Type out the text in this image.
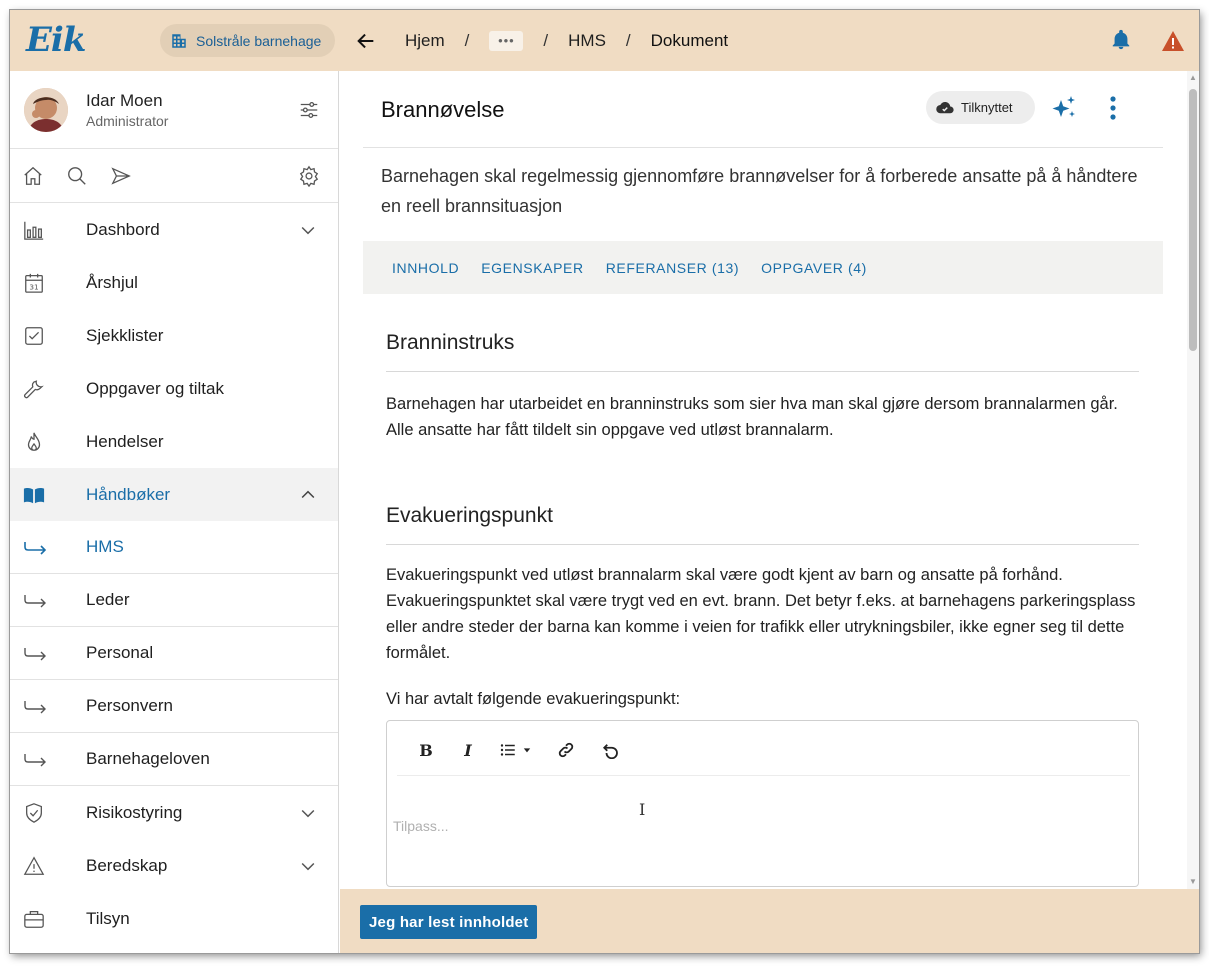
Eik	Solstråle barnehage	Hjem /	•••	/ HMS / Dokument
Idar Moen
Administrator
Dashbord
31	Årshjul
Sjekklister
Oppgaver og tiltak
Hendelser
Håndbøker
HMS
Leder
Personal
Personvern
Barnehageloven
Risikostyring
Beredskap
Tilsyn
Brannøvelse	Tilknyttet
Barnehagen skal regelmessig gjennomføre brannøvelser for å forberede ansatte på å håndtere en reell brannsituasjon
INNHOLD EGENSKAPER REFERANSER (13) OPPGAVER (4)
Branninstruks
Barnehagen har utarbeidet en branninstruks som sier hva man skal gjøre dersom brannalarmen går. Alle ansatte har fått tildelt sin oppgave ved utløst brannalarm.
Evakueringspunkt
Evakueringspunkt ved utløst brannalarm skal være godt kjent av barn og ansatte på forhånd. Evakueringspunktet skal være trygt ved en evt. brann. Det betyr f.eks. at barnehagens parkeringsplass eller andre steder der barna kan komme i veien for trafikk eller utrykningsbiler, ikke egner seg til dette formålet.
Vi har avtalt følgende evakueringspunkt:
B	I
I
Tilpass...
▲
▼
Jeg har lest innholdet
